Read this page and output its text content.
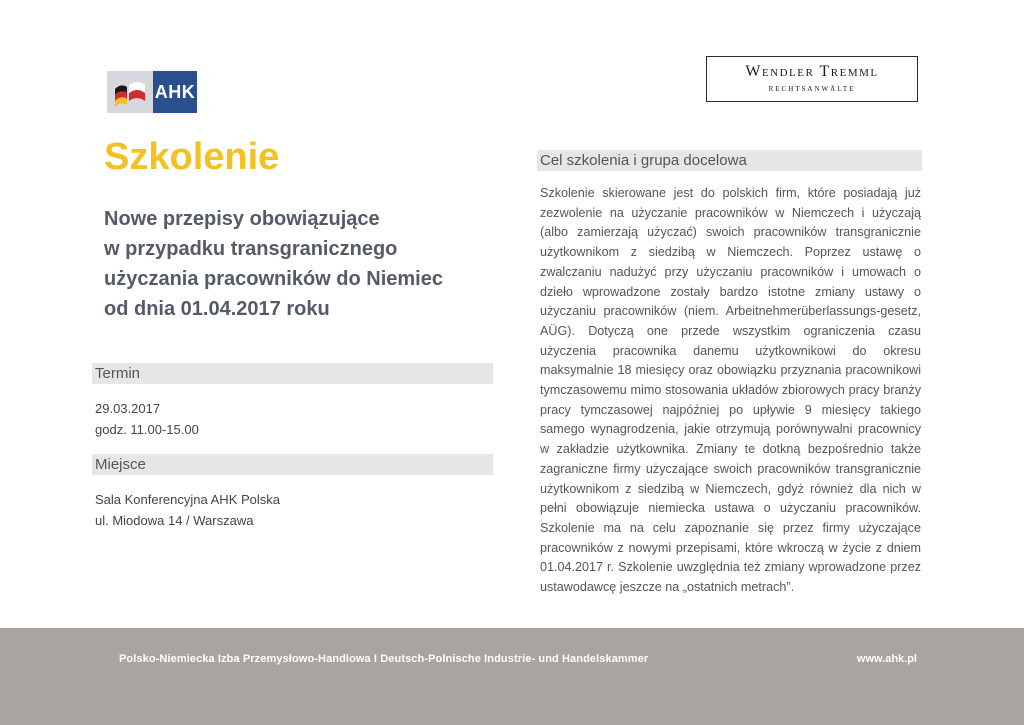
AHK
Wendler Tremml
rechtsanwälte
Szkolenie
Nowe przepisy obowiązujące
w przypadku transgranicznego
użyczania pracowników do Niemiec
od dnia 01.04.2017 roku
Termin
29.03.2017
godz. 11.00-15.00
Miejsce
Sala Konferencyjna AHK Polska
ul. Miodowa 14 / Warszawa
Cel szkolenia i grupa docelowa

Szkolenie skierowane jest do polskich firm, które posiadają już zezwolenie na użyczanie pracowników w Niemczech i użyczają (albo zamierzają użyczać) swoich pracowników transgranicznie użytkownikom z siedzibą w Niemczech. Poprzez ustawę o zwalczaniu nadużyć przy użyczaniu pracowników i umowach o dzieło wprowadzone zostały bardzo istotne zmiany ustawy o użyczaniu pracowników (niem. Arbeitnehmerüberlassungs-gesetz, AÜG). Dotyczą one przede wszystkim ograniczenia czasu użyczenia pracownika danemu użytkownikowi do okresu maksymalnie 18 miesięcy oraz obowiązku przyznania pracownikowi tymczasowemu mimo stosowania układów zbiorowych pracy branży pracy tymczasowej najpóźniej po upływie 9 miesięcy takiego samego wynagrodzenia, jakie otrzymują porównywalni pracownicy w zakładzie użytkownika. Zmiany te dotkną bezpośrednio także zagraniczne firmy użyczające swoich pracowników transgranicznie użytkownikom z siedzibą w Niemczech, gdyż również dla nich w pełni obowiązuje niemiecka ustawa o użyczaniu pracowników. Szkolenie ma na celu zapoznanie się przez firmy użyczające pracowników z nowymi przepisami, które wkroczą w życie z dniem 01.04.2017 r. Szkolenie uwzględnia też zmiany wprowadzone przez ustawodawcę jeszcze na „ostatnich metrach”.

Polsko-Niemiecka Izba Przemysłowo-Handlowa I Deutsch-Polnische Industrie- und Handelskammer	www.ahk.pl
